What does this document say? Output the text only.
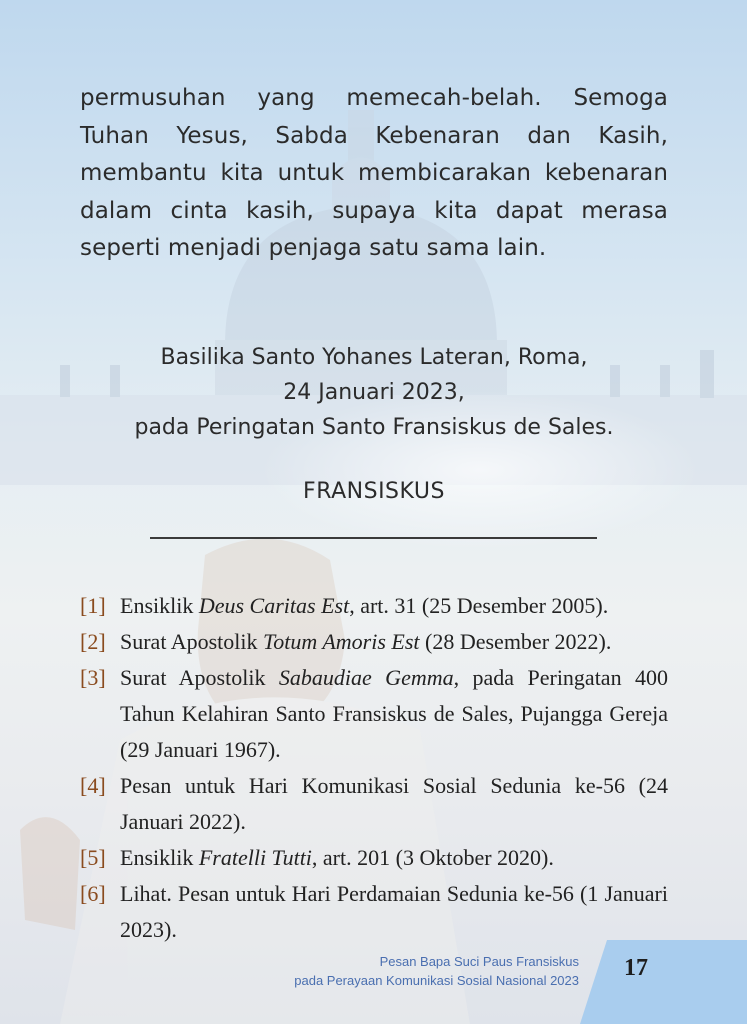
permusuhan yang memecah-belah. Semoga Tuhan Yesus, Sabda Kebenaran dan Kasih, membantu kita untuk membicarakan kebenaran dalam cinta kasih, supaya kita dapat merasa seperti menjadi penjaga satu sama lain.

Basilika Santo Yohanes Lateran, Roma,
24 Januari 2023,
pada Peringatan Santo Fransiskus de Sales.
FRANSISKUS
[1] Ensiklik Deus Caritas Est, art. 31 (25 Desember 2005).
[2] Surat Apostolik Totum Amoris Est (28 Desember 2022).
[3] Surat Apostolik Sabaudiae Gemma, pada Peringatan 400 Tahun Kelahiran Santo Fransiskus de Sales, Pujangga Gereja (29 Januari 1967).
[4] Pesan untuk Hari Komunikasi Sosial Sedunia ke-56 (24 Januari 2022).
[5] Ensiklik Fratelli Tutti, art. 201 (3 Oktober 2020).
[6] Lihat. Pesan untuk Hari Perdamaian Sedunia ke-56 (1 Januari 2023).
Pesan Bapa Suci Paus Fransiskus
pada Perayaan Komunikasi Sosial Nasional 2023	17
